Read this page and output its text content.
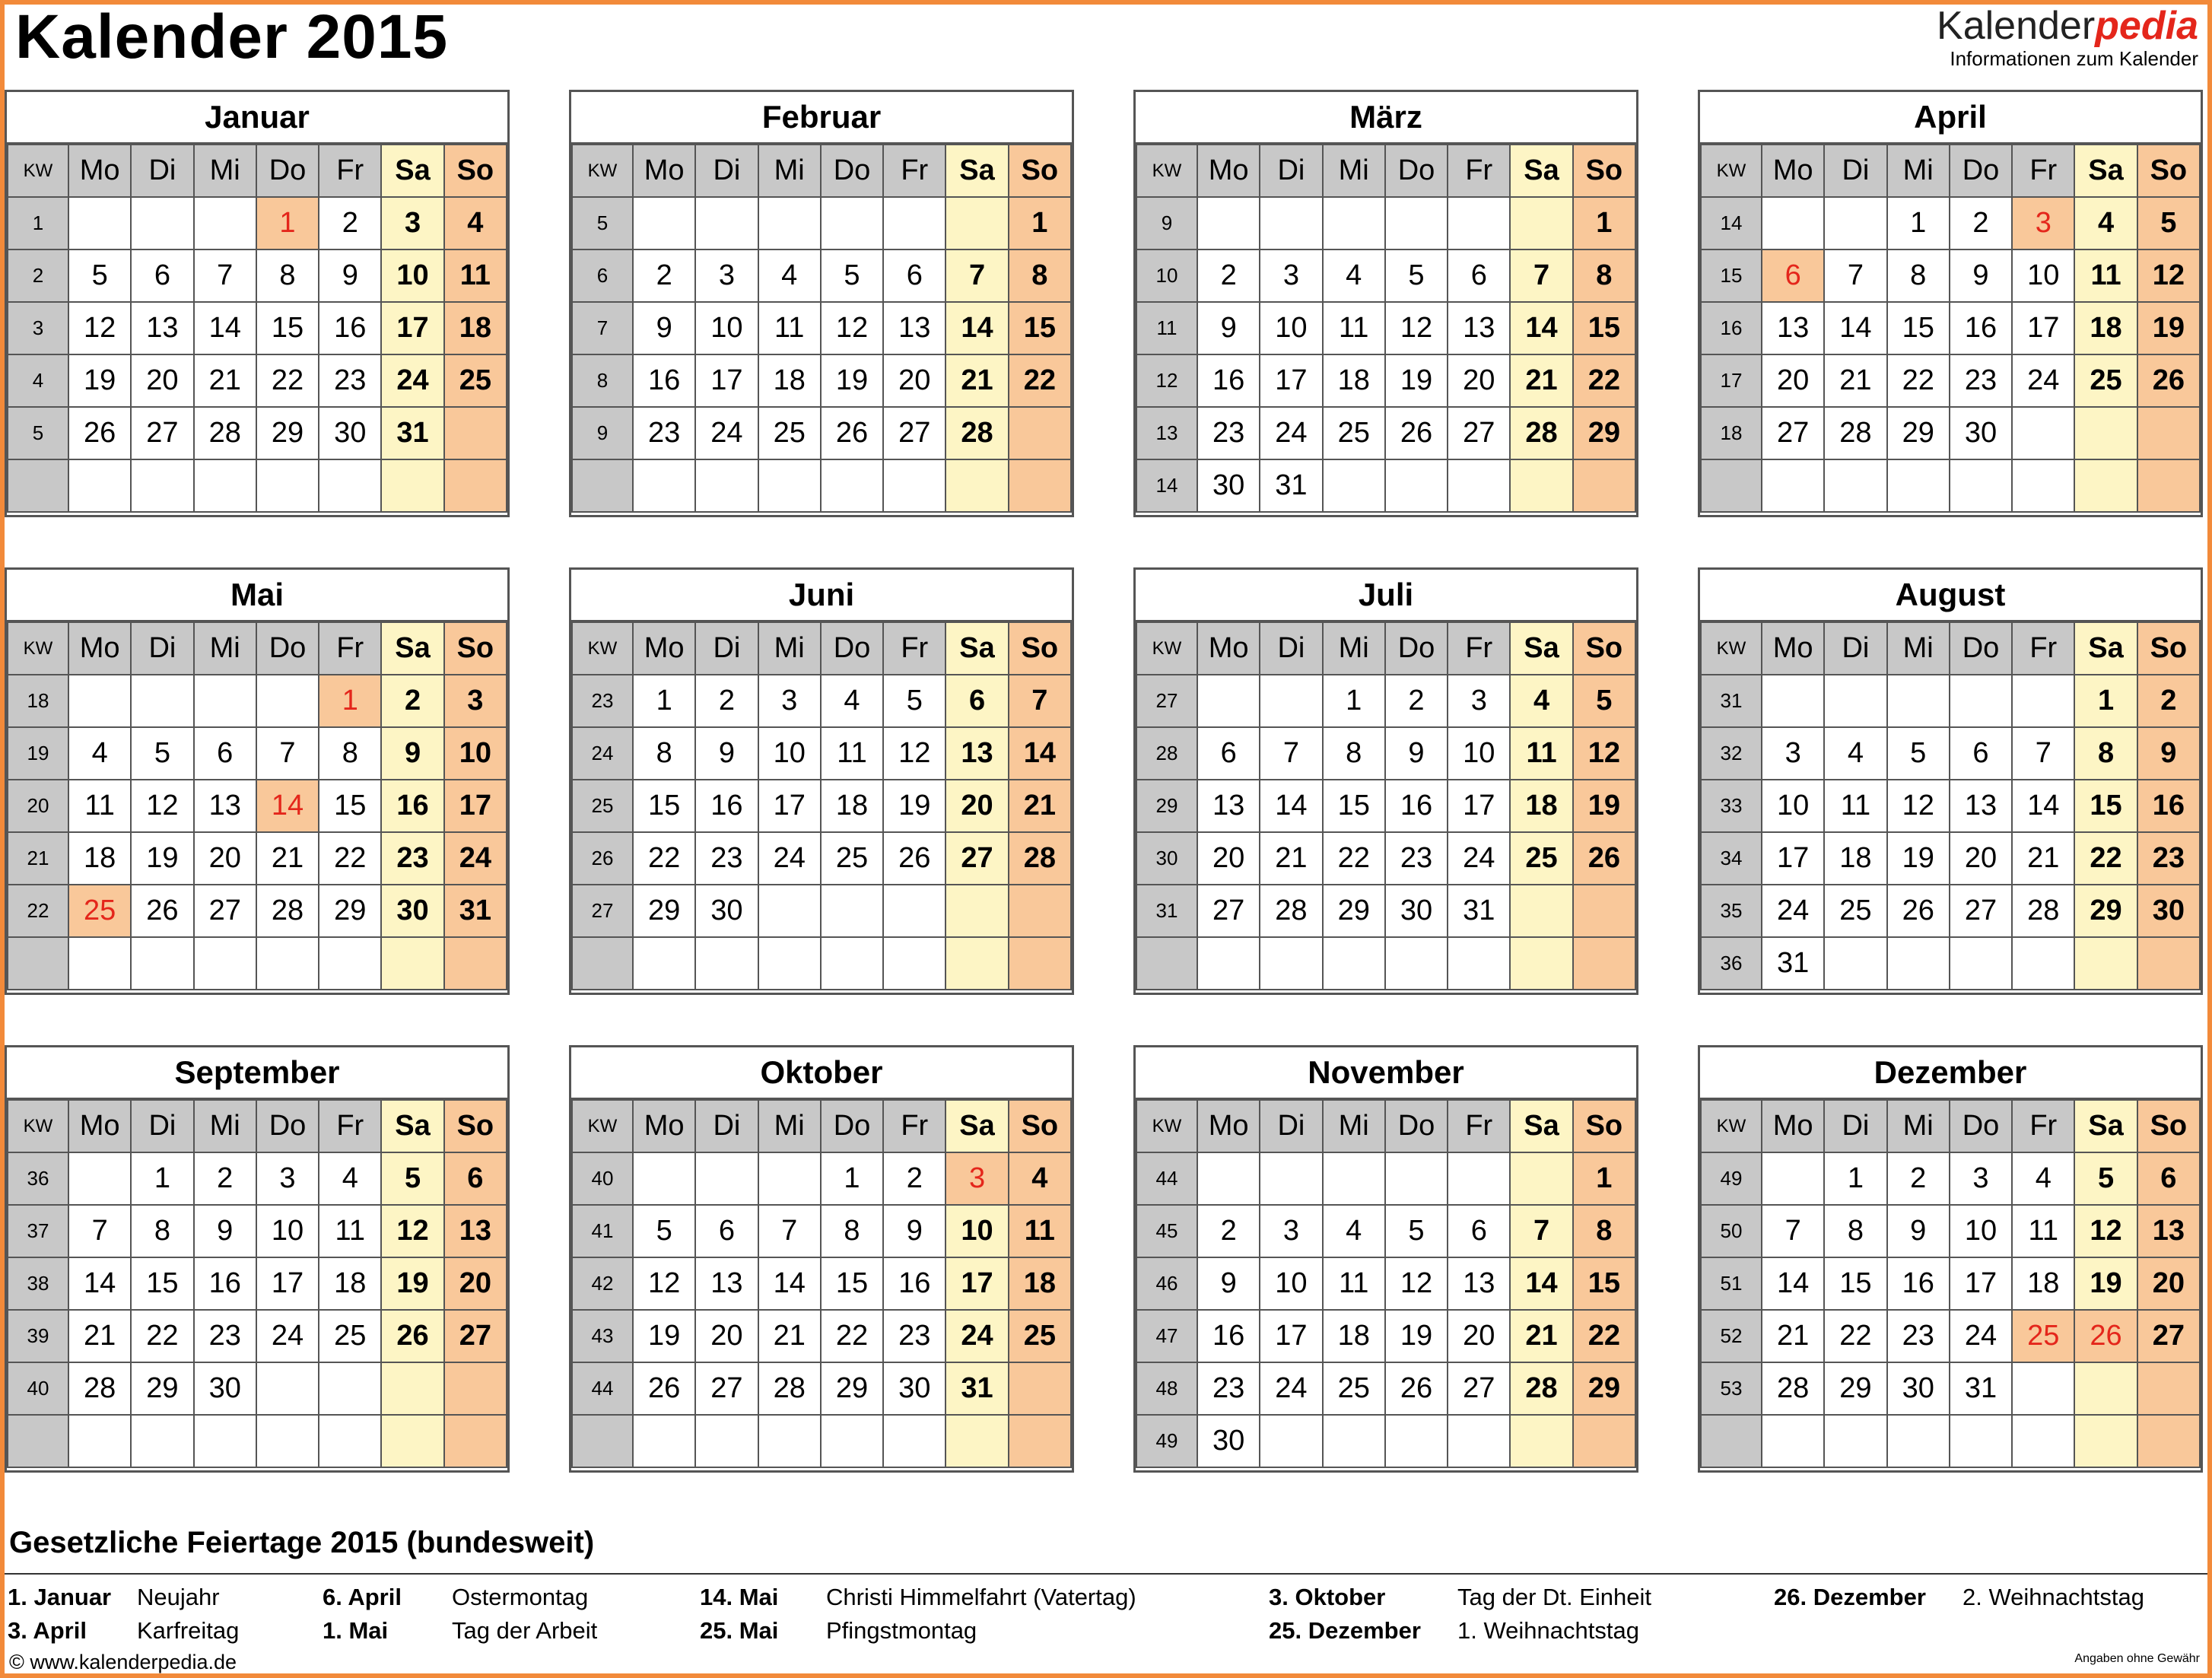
Kalender 2015	Kalenderpedia
Informationen zum Kalender
Januar
KW	Mo	Di	Mi	Do	Fr	Sa	So
1				1	2	3	4
2	5	6	7	8	9	10	11
3	12	13	14	15	16	17	18
4	19	20	21	22	23	24	25
5	26	27	28	29	30	31	

Februar
KW	Mo	Di	Mi	Do	Fr	Sa	So
5							1
6	2	3	4	5	6	7	8
7	9	10	11	12	13	14	15
8	16	17	18	19	20	21	22
9	23	24	25	26	27	28	

März
KW	Mo	Di	Mi	Do	Fr	Sa	So
9							1
10	2	3	4	5	6	7	8
11	9	10	11	12	13	14	15
12	16	17	18	19	20	21	22
13	23	24	25	26	27	28	29
14	30	31					
April
KW	Mo	Di	Mi	Do	Fr	Sa	So
14			1	2	3	4	5
15	6	7	8	9	10	11	12
16	13	14	15	16	17	18	19
17	20	21	22	23	24	25	26
18	27	28	29	30			

Mai
KW	Mo	Di	Mi	Do	Fr	Sa	So
18					1	2	3
19	4	5	6	7	8	9	10
20	11	12	13	14	15	16	17
21	18	19	20	21	22	23	24
22	25	26	27	28	29	30	31

Juni
KW	Mo	Di	Mi	Do	Fr	Sa	So
23	1	2	3	4	5	6	7
24	8	9	10	11	12	13	14
25	15	16	17	18	19	20	21
26	22	23	24	25	26	27	28
27	29	30					

Juli
KW	Mo	Di	Mi	Do	Fr	Sa	So
27			1	2	3	4	5
28	6	7	8	9	10	11	12
29	13	14	15	16	17	18	19
30	20	21	22	23	24	25	26
31	27	28	29	30	31		

August
KW	Mo	Di	Mi	Do	Fr	Sa	So
31						1	2
32	3	4	5	6	7	8	9
33	10	11	12	13	14	15	16
34	17	18	19	20	21	22	23
35	24	25	26	27	28	29	30
36	31						
September
KW	Mo	Di	Mi	Do	Fr	Sa	So
36		1	2	3	4	5	6
37	7	8	9	10	11	12	13
38	14	15	16	17	18	19	20
39	21	22	23	24	25	26	27
40	28	29	30				

Oktober
KW	Mo	Di	Mi	Do	Fr	Sa	So
40				1	2	3	4
41	5	6	7	8	9	10	11
42	12	13	14	15	16	17	18
43	19	20	21	22	23	24	25
44	26	27	28	29	30	31	

November
KW	Mo	Di	Mi	Do	Fr	Sa	So
44							1
45	2	3	4	5	6	7	8
46	9	10	11	12	13	14	15
47	16	17	18	19	20	21	22
48	23	24	25	26	27	28	29
49	30						
Dezember
KW	Mo	Di	Mi	Do	Fr	Sa	So
49		1	2	3	4	5	6
50	7	8	9	10	11	12	13
51	14	15	16	17	18	19	20
52	21	22	23	24	25	26	27
53	28	29	30	31			

Gesetzliche Feiertage 2015 (bundesweit)
1. Januar Neujahr
3. April Karfreitag
6. April Ostermontag
1. Mai	Tag der Arbeit
14. Mai Christi Himmelfahrt (Vatertag)
25. Mai Pfingstmontag
3. Oktober	Tag der Dt. Einheit
25. Dezember 1. Weihnachtstag
26. Dezember 2. Weihnachtstag
© www.kalenderpedia.de	Angaben ohne Gewähr
